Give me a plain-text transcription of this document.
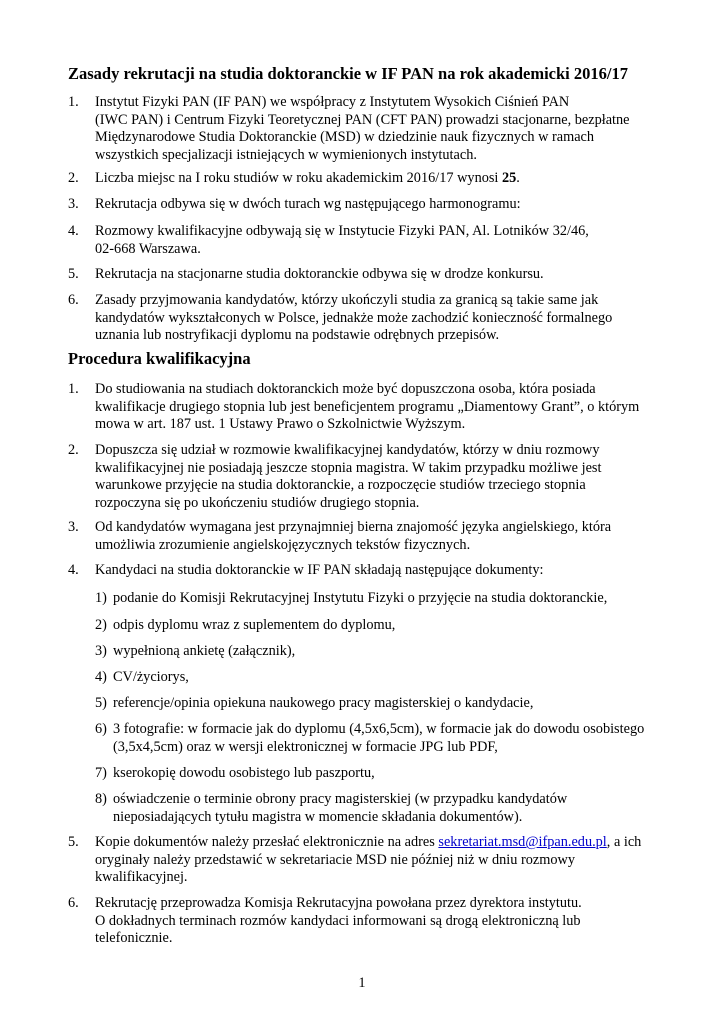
Zasady rekrutacji na studia doktoranckie w IF PAN na rok akademicki 2016/17
1. Instytut Fizyki PAN (IF PAN) we współpracy z Instytutem Wysokich Ciśnień PAN
(IWC PAN) i Centrum Fizyki Teoretycznej PAN (CFT PAN) prowadzi stacjonarne, bezpłatne
Międzynarodowe Studia Doktoranckie (MSD) w dziedzinie nauk fizycznych w ramach
wszystkich specjalizacji istniejących w wymienionych instytutach.
2. Liczba miejsc na I roku studiów w roku akademickim 2016/17 wynosi 25.
3. Rekrutacja odbywa się w dwóch turach wg następującego harmonogramu:
4. Rozmowy kwalifikacyjne odbywają się w Instytucie Fizyki PAN, Al. Lotników 32/46,
02-668 Warszawa.
5. Rekrutacja na stacjonarne studia doktoranckie odbywa się w drodze konkursu.
6. Zasady przyjmowania kandydatów, którzy ukończyli studia za granicą są takie same jak
kandydatów wykształconych w Polsce, jednakże może zachodzić konieczność formalnego
uznania lub nostryfikacji dyplomu na podstawie odrębnych przepisów.
Procedura kwalifikacyjna
1. Do studiowania na studiach doktoranckich może być dopuszczona osoba, która posiada
kwalifikacje drugiego stopnia lub jest beneficjentem programu „Diamentowy Grant”, o którym
mowa w art. 187 ust. 1 Ustawy Prawo o Szkolnictwie Wyższym.
2. Dopuszcza się udział w rozmowie kwalifikacyjnej kandydatów, którzy w dniu rozmowy
kwalifikacyjnej nie posiadają jeszcze stopnia magistra. W takim przypadku możliwe jest
warunkowe przyjęcie na studia doktoranckie, a rozpoczęcie studiów trzeciego stopnia
rozpoczyna się po ukończeniu studiów drugiego stopnia.
3. Od kandydatów wymagana jest przynajmniej bierna znajomość języka angielskiego, która
umożliwia zrozumienie angielskojęzycznych tekstów fizycznych.
4. Kandydaci na studia doktoranckie w IF PAN składają następujące dokumenty:
1) podanie do Komisji Rekrutacyjnej Instytutu Fizyki o przyjęcie na studia doktoranckie,
2) odpis dyplomu wraz z suplementem do dyplomu,
3) wypełnioną ankietę (załącznik),
4) CV/życiorys,
5) referencje/opinia opiekuna naukowego pracy magisterskiej o kandydacie,
6) 3 fotografie: w formacie jak do dyplomu (4,5x6,5cm), w formacie jak do dowodu osobistego
(3,5x4,5cm) oraz w wersji elektronicznej w formacie JPG lub PDF,
7) kserokopię dowodu osobistego lub paszportu,
8) oświadczenie o terminie obrony pracy magisterskiej (w przypadku kandydatów
nieposiadających tytułu magistra w momencie składania dokumentów).
5. Kopie dokumentów należy przesłać elektronicznie na adres sekretariat.msd@ifpan.edu.pl, a ich
oryginały należy przedstawić w sekretariacie MSD nie później niż w dniu rozmowy
kwalifikacyjnej.
6. Rekrutację przeprowadza Komisja Rekrutacyjna powołana przez dyrektora instytutu.
O dokładnych terminach rozmów kandydaci informowani są drogą elektroniczną lub
telefonicznie.
1
